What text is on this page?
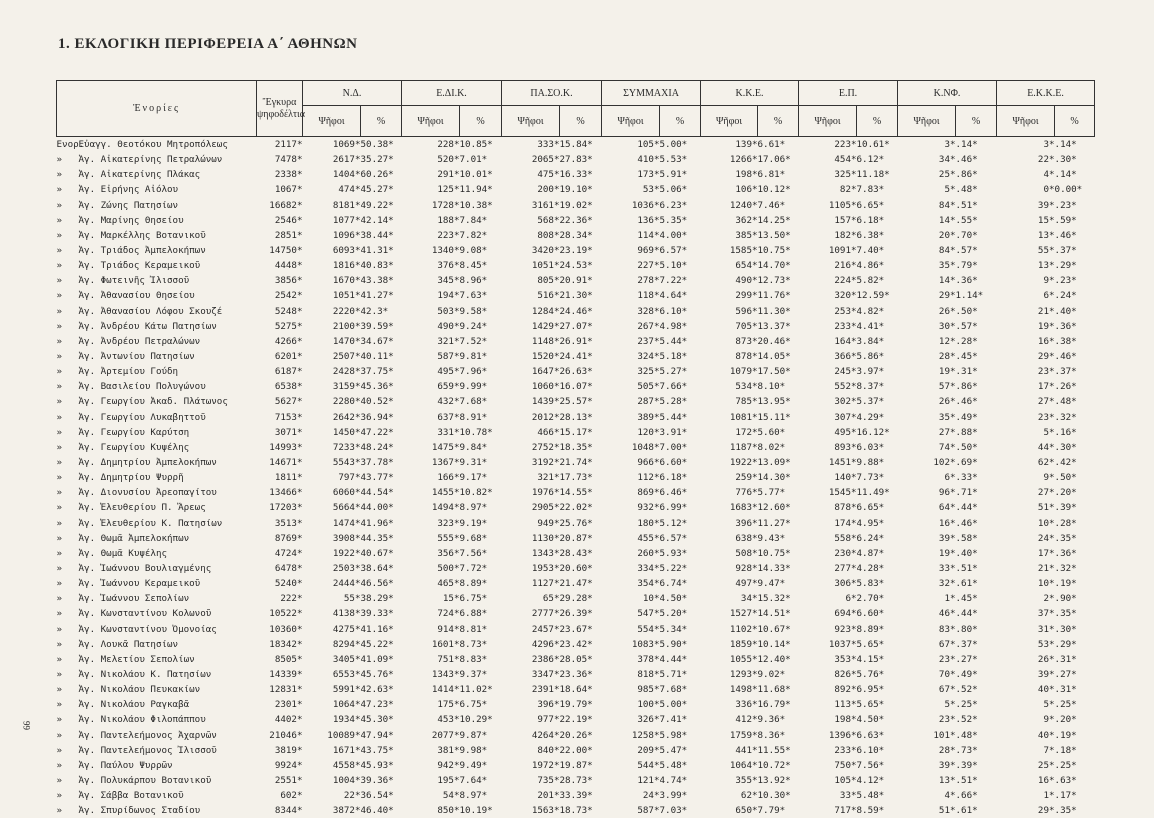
1. ΕΚΛΟΓΙΚΗ ΠΕΡΙΦΕΡΕΙΑ Α΄ ΑΘΗΝΩΝ
Ἐνορίες	Ἔγκυρα ψηφοδέλτια	Ν.Δ.		Ε.ΔΙ.Κ.		ΠΑ.ΣΟ.Κ.		ΣΥΜΜΑΧΙΑ		Κ.Κ.Ε.		Ε.Π.		Κ.ΝΦ.		Ε.Κ.Κ.Ε.	
		Ψῆφοι	%	Ψῆφοι	%	Ψῆφοι	%	Ψῆφοι	%	Ψῆφοι	%	Ψῆφοι	%	Ψῆφοι	%	Ψῆφοι	%
Ἐνορ.Εὐαγγ. Θεοτόκου Μητροπόλεως	2117*	1069*	50.38*	228*	10.85*	333*	15.84*	105*	5.00*	139*	6.61*	223*	10.61*	3*	.14*	3*	.14*
» Ἁγ. Αἰκατερίνης Πετραλώνων	7478*	2617*	35.27*	520*	7.01*	2065*	27.83*	410*	5.53*	1266*	17.06*	454*	6.12*	34*	.46*	22*	.30*
» Ἁγ. Αἰκατερίνης Πλάκας	2338*	1404*	60.26*	291*	10.01*	475*	16.33*	173*	5.91*	198*	6.81*	325*	11.18*	25*	.86*	4*	.14*
» Ἁγ. Εἰρήνης Αἰόλου	1067*	474*	45.27*	125*	11.94*	200*	19.10*	53*	5.06*	106*	10.12*	82*	7.83*	5*	.48*	0*	0.00*
» Ἁγ. Ζώνης Πατησίων	16682*	8181*	49.22*	1728*	10.38*	3161*	19.02*	1036*	6.23*	1240*	7.46*	1105*	6.65*	84*	.51*	39*	.23*
» Ἁγ. Μαρίνης Θησείου	2546*	1077*	42.14*	188*	7.84*	568*	22.36*	136*	5.35*	362*	14.25*	157*	6.18*	14*	.55*	15*	.59*
» Ἁγ. Μαρκέλλης Βοτανικοῦ	2851*	1096*	38.44*	223*	7.82*	808*	28.34*	114*	4.00*	385*	13.50*	182*	6.38*	20*	.70*	13*	.46*
» Ἁγ. Τριάδος Ἀμπελοκήπων	14750*	6093*	41.31*	1340*	9.08*	3420*	23.19*	969*	6.57*	1585*	10.75*	1091*	7.40*	84*	.57*	55*	.37*
» Ἁγ. Τριάδος Κεραμεικοῦ	4448*	1816*	40.83*	376*	8.45*	1051*	24.53*	227*	5.10*	654*	14.70*	216*	4.86*	35*	.79*	13*	.29*
» Ἁγ. Φωτεινῆς Ἰλισσοῦ	3856*	1670*	43.38*	345*	8.96*	805*	20.91*	278*	7.22*	490*	12.73*	224*	5.82*	14*	.36*	9*	.23*
» Ἁγ. Ἀθανασίου Θησείου	2542*	1051*	41.27*	194*	7.63*	516*	21.30*	118*	4.64*	299*	11.76*	320*	12.59*	29*	1.14*	6*	.24*
» Ἁγ. Ἀθανασίου Λόφου Σκουζέ	5248*	2220*	42.3*	503*	9.58*	1284*	24.46*	328*	6.10*	596*	11.30*	253*	4.82*	26*	.50*	21*	.40*
» Ἁγ. Ἀνδρέου Κάτω Πατησίων	5275*	2100*	39.59*	490*	9.24*	1429*	27.07*	267*	4.98*	705*	13.37*	233*	4.41*	30*	.57*	19*	.36*
» Ἁγ. Ἀνδρέου Πετραλώνων	4266*	1470*	34.67*	321*	7.52*	1148*	26.91*	237*	5.44*	873*	20.46*	164*	3.84*	12*	.28*	16*	.38*
» Ἁγ. Ἀντωνίου Πατησίων	6201*	2507*	40.11*	587*	9.81*	1520*	24.41*	324*	5.18*	878*	14.05*	366*	5.86*	28*	.45*	29*	.46*
» Ἁγ. Ἀρτεμίου Γούδη	6187*	2428*	37.75*	495*	7.96*	1647*	26.63*	325*	5.27*	1079*	17.50*	245*	3.97*	19*	.31*	23*	.37*
» Ἁγ. Βασιλείου Πολυγώνου	6538*	3159*	45.36*	659*	9.99*	1060*	16.07*	505*	7.66*	534*	8.10*	552*	8.37*	57*	.86*	17*	.26*
» Ἁγ. Γεωργίου Ἀκαδ. Πλάτωνος	5627*	2280*	40.52*	432*	7.68*	1439*	25.57*	287*	5.28*	785*	13.95*	302*	5.37*	26*	.46*	27*	.48*
» Ἁγ. Γεωργίου Λυκαβηττοῦ	7153*	2642*	36.94*	637*	8.91*	2012*	28.13*	389*	5.44*	1081*	15.11*	307*	4.29*	35*	.49*	23*	.32*
» Ἁγ. Γεωργίου Καρύτση	3071*	1450*	47.22*	331*	10.78*	466*	15.17*	120*	3.91*	172*	5.60*	495*	16.12*	27*	.88*	5*	.16*
» Ἁγ. Γεωργίου Κυψέλης	14993*	7233*	48.24*	1475*	9.84*	2752*	18.35*	1048*	7.00*	1187*	8.02*	893*	6.03*	74*	.50*	44*	.30*
» Ἁγ. Δημητρίου Ἀμπελοκήπων	14671*	5543*	37.78*	1367*	9.31*	3192*	21.74*	966*	6.60*	1922*	13.09*	1451*	9.88*	102*	.69*	62*	.42*
» Ἁγ. Δημητρίου Ψυρρῆ	1811*	797*	43.77*	166*	9.17*	321*	17.73*	112*	6.18*	259*	14.30*	140*	7.73*	6*	.33*	9*	.50*
» Ἁγ. Διονυσίου Ἀρεοπαγίτου	13466*	6060*	44.54*	1455*	10.82*	1976*	14.55*	869*	6.46*	776*	5.77*	1545*	11.49*	96*	.71*	27*	.20*
» Ἁγ. Ἐλευθερίου Π. Ἄρεως	17203*	5664*	44.00*	1494*	8.97*	2905*	22.02*	932*	6.99*	1683*	12.60*	878*	6.65*	64*	.44*	51*	.39*
» Ἁγ. Ἐλευθερίου Κ. Πατησίων	3513*	1474*	41.96*	323*	9.19*	949*	25.76*	180*	5.12*	396*	11.27*	174*	4.95*	16*	.46*	10*	.28*
» Ἁγ. Θωμᾶ Ἀμπελοκήπων	8769*	3908*	44.35*	555*	9.68*	1130*	20.87*	455*	6.57*	638*	9.43*	558*	6.24*	39*	.58*	24*	.35*
» Ἁγ. Θωμᾶ Κυψέλης	4724*	1922*	40.67*	356*	7.56*	1343*	28.43*	260*	5.93*	508*	10.75*	230*	4.87*	19*	.40*	17*	.36*
» Ἁγ. Ἰωάννου Βουλιαγμένης	6478*	2503*	38.64*	500*	7.72*	1953*	20.60*	334*	5.22*	928*	14.33*	277*	4.28*	33*	.51*	21*	.32*
» Ἁγ. Ἰωάννου Κεραμεικοῦ	5240*	2444*	46.56*	465*	8.89*	1127*	21.47*	354*	6.74*	497*	9.47*	306*	5.83*	32*	.61*	10*	.19*
» Ἁγ. Ἰωάννου Σεπολίων	222*	55*	38.29*	15*	6.75*	65*	29.28*	10*	4.50*	34*	15.32*	6*	2.70*	1*	.45*	2*	.90*
» Ἁγ. Κωνσταντίνου Κολωνοῦ	10522*	4138*	39.33*	724*	6.88*	2777*	26.39*	547*	5.20*	1527*	14.51*	694*	6.60*	46*	.44*	37*	.35*
» Ἁγ. Κωνσταντίνου Ὀμονοίας	10360*	4275*	41.16*	914*	8.81*	2457*	23.67*	554*	5.34*	1102*	10.67*	923*	8.89*	83*	.80*	31*	.30*
» Ἁγ. Λουκᾶ Πατησίων	18342*	8294*	45.22*	1601*	8.73*	4296*	23.42*	1083*	5.90*	1859*	10.14*	1037*	5.65*	67*	.37*	53*	.29*
» Ἁγ. Μελετίου Σεπολίων	8505*	3405*	41.09*	751*	8.83*	2386*	28.05*	378*	4.44*	1055*	12.40*	353*	4.15*	23*	.27*	26*	.31*
» Ἁγ. Νικολάου Κ. Πατησίων	14339*	6553*	45.76*	1343*	9.37*	3347*	23.36*	818*	5.71*	1293*	9.02*	826*	5.76*	70*	.49*	39*	.27*
» Ἁγ. Νικολάου Πευκακίων	12831*	5991*	42.63*	1414*	11.02*	2391*	18.64*	985*	7.68*	1498*	11.68*	892*	6.95*	67*	.52*	40*	.31*
» Ἁγ. Νικολάου Ραγκαβᾶ	2301*	1064*	47.23*	175*	6.75*	396*	19.79*	100*	5.00*	336*	16.79*	113*	5.65*	5*	.25*	5*	.25*
» Ἁγ. Νικολάου Φιλοπάππου	4402*	1934*	45.30*	453*	10.29*	977*	22.19*	326*	7.41*	412*	9.36*	198*	4.50*	23*	.52*	9*	.20*
» Ἁγ. Παντελεήμονος Ἀχαρνῶν	21046*	10089*	47.94*	2077*	9.87*	4264*	20.26*	1258*	5.98*	1759*	8.36*	1396*	6.63*	101*	.48*	40*	.19*
» Ἁγ. Παντελεήμονος Ἰλισσοῦ	3819*	1671*	43.75*	381*	9.98*	840*	22.00*	209*	5.47*	441*	11.55*	233*	6.10*	28*	.73*	7*	.18*
» Ἁγ. Παύλου Ψυρρῶν	9924*	4558*	45.93*	942*	9.49*	1972*	19.87*	544*	5.48*	1064*	10.72*	750*	7.56*	39*	.39*	25*	.25*
» Ἁγ. Πολυκάρπου Βοτανικοῦ	2551*	1004*	39.36*	195*	7.64*	735*	28.73*	121*	4.74*	355*	13.92*	105*	4.12*	13*	.51*	16*	.63*
» Ἁγ. Σάββα Βοτανικοῦ	602*	22*	36.54*	54*	8.97*	201*	33.39*	24*	3.99*	62*	10.30*	33*	5.48*	4*	.66*	1*	.17*
» Ἁγ. Σπυρίδωνος Σταδίου	8344*	3872*	46.40*	850*	10.19*	1563*	18.73*	587*	7.03*	650*	7.79*	717*	8.59*	51*	.61*	29*	.35*
66
